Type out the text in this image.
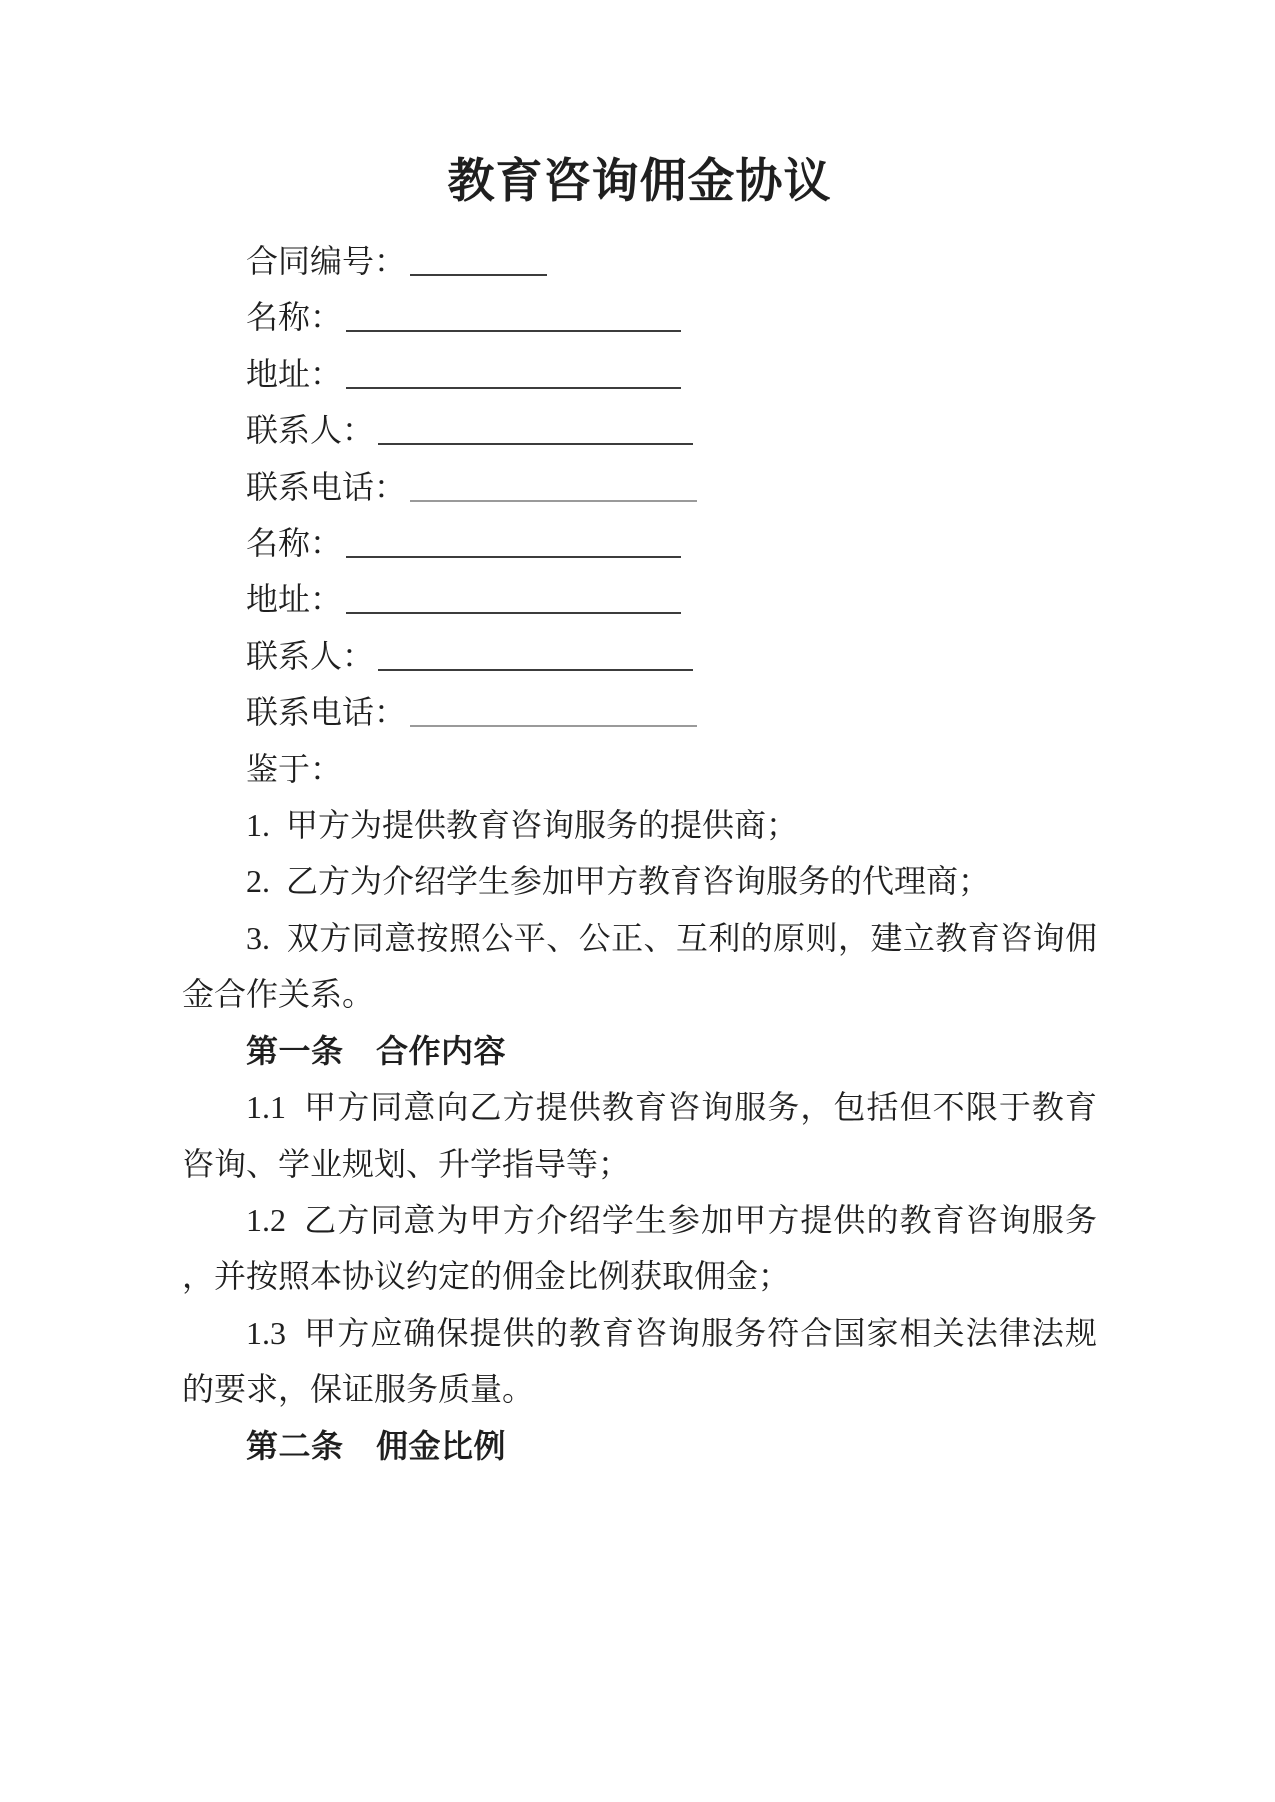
教育咨询佣金协议

合同编号：

名称：

地址：

联系人：

联系电话：

名称：

地址：

联系人：

联系电话：

鉴于：

1.  甲方为提供教育咨询服务的提供商；

2.  乙方为介绍学生参加甲方教育咨询服务的代理商；

3.  双方同意按照公平、公正、互利的原则，建立教育咨询佣金合作关系。

第一条　合作内容

1.1  甲方同意向乙方提供教育咨询服务，包括但不限于教育咨询、学业规划、升学指导等；

1.2  乙方同意为甲方介绍学生参加甲方提供的教育咨询服务，并按照本协议约定的佣金比例获取佣金；

1.3  甲方应确保提供的教育咨询服务符合国家相关法律法规的要求，保证服务质量。

第二条　佣金比例
